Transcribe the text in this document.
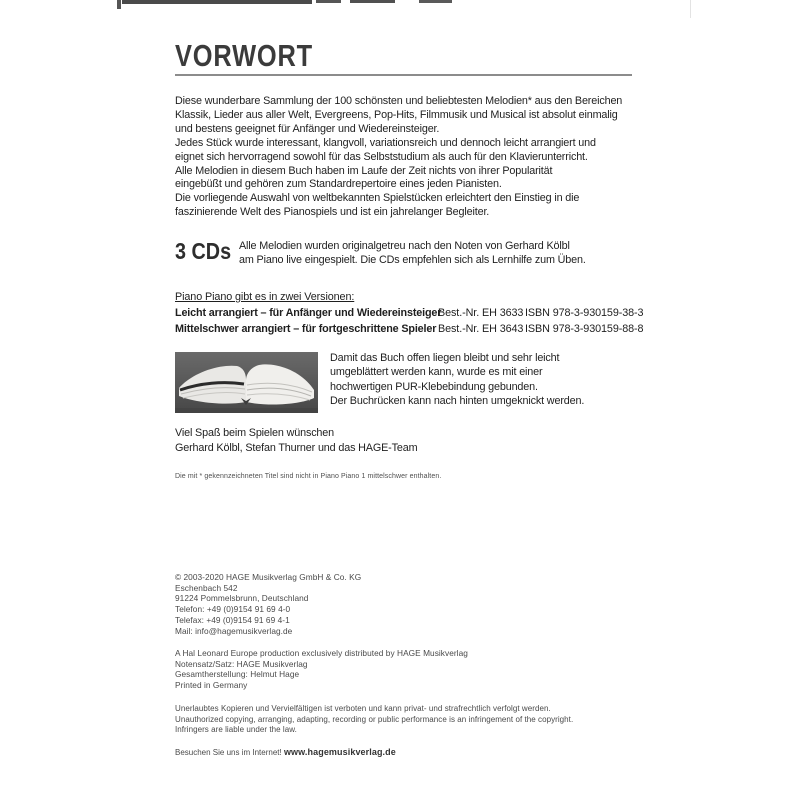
VORWORT
Diese wunderbare Sammlung der 100 schönsten und beliebtesten Melodien* aus den Bereichen
Klassik, Lieder aus aller Welt, Evergreens, Pop-Hits, Filmmusik und Musical ist absolut einmalig
und bestens geeignet für Anfänger und Wiedereinsteiger.
Jedes Stück wurde interessant, klangvoll, variationsreich und dennoch leicht arrangiert und
eignet sich hervorragend sowohl für das Selbststudium als auch für den Klavierunterricht.
Alle Melodien in diesem Buch haben im Laufe der Zeit nichts von ihrer Popularität
eingebüßt und gehören zum Standardrepertoire eines jeden Pianisten.
Die vorliegende Auswahl von weltbekannten Spielstücken erleichtert den Einstieg in die
faszinierende Welt des Pianospiels und ist ein jahrelanger Begleiter.
3 CDs Alle Melodien wurden originalgetreu nach den Noten von Gerhard Kölbl
am Piano live eingespielt. Die CDs empfehlen sich als Lernhilfe zum Üben.
Piano Piano gibt es in zwei Versionen:
Leicht arrangiert – für Anfänger und Wiedereinsteiger
Best.-Nr. EH 3633 ISBN 978-3-930159-38-3
Mittelschwer arrangiert – für fortgeschrittene Spieler Best.-Nr. EH 3643 ISBN 978-3-930159-88-8
Damit das Buch offen liegen bleibt und sehr leicht
umgeblättert werden kann, wurde es mit einer
hochwertigen PUR-Klebebindung gebunden.
Der Buchrücken kann nach hinten umgeknickt werden.
Viel Spaß beim Spielen wünschen
Gerhard Kölbl, Stefan Thurner und das HAGE-Team
Die mit * gekennzeichneten Titel sind nicht in Piano Piano 1 mittelschwer enthalten.
© 2003-2020 HAGE Musikverlag GmbH & Co. KG
Eschenbach 542
91224 Pommelsbrunn, Deutschland
Telefon: +49 (0)9154 91 69 4-0
Telefax: +49 (0)9154 91 69 4-1
Mail: info@hagemusikverlag.de
A Hal Leonard Europe production exclusively distributed by HAGE Musikverlag
Notensatz/Satz: HAGE Musikverlag
Gesamtherstellung: Helmut Hage
Printed in Germany
Unerlaubtes Kopieren und Vervielfältigen ist verboten und kann privat- und strafrechtlich verfolgt werden.
Unauthorized copying, arranging, adapting, recording or public performance is an infringement of the copyright.
Infringers are liable under the law.
Besuchen Sie uns im Internet! www.hagemusikverlag.de
